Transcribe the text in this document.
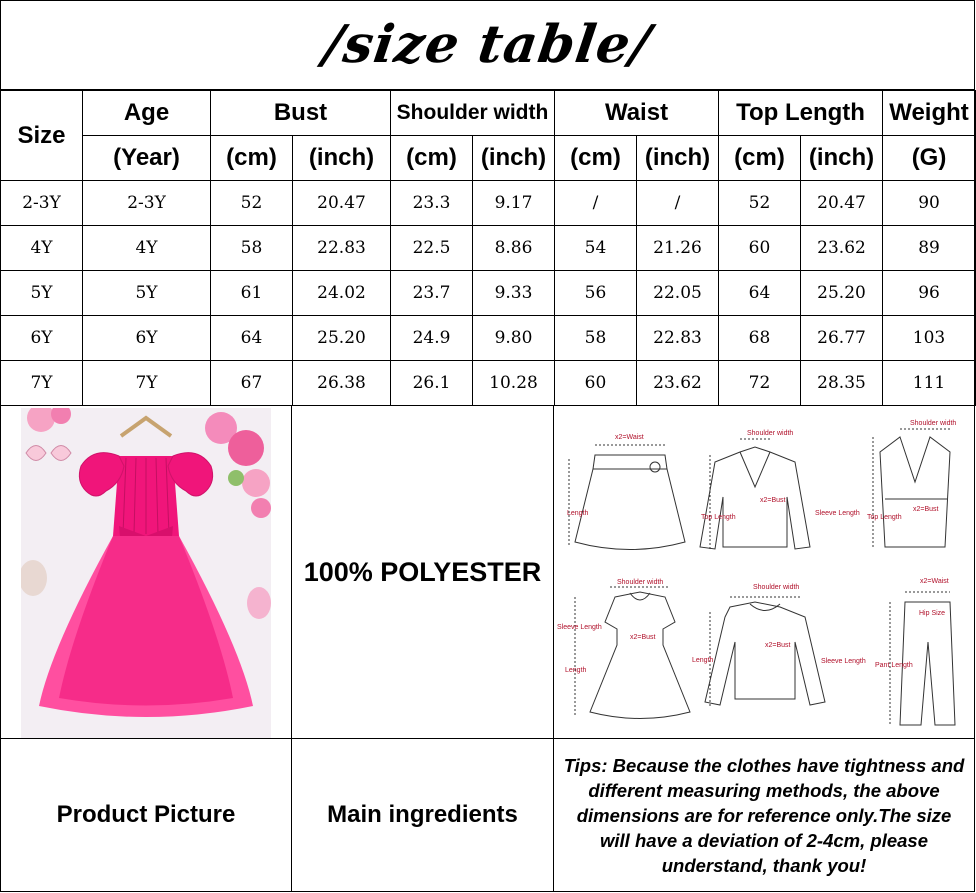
/size table/
Size	Age	Bust		Shoulder width		Waist		Top Length		Weight
	(Year)	(cm)	(inch)	(cm)	(inch)	(cm)	(inch)	(cm)	(inch)	(G)
2-3Y	2-3Y	52	20.47	23.3	9.17	/	/	52	20.47	90
4Y	4Y	58	22.83	22.5	8.86	54	21.26	60	23.62	89
5Y	5Y	61	24.02	23.7	9.33	56	22.05	64	25.20	96
6Y	6Y	64	25.20	24.9	9.80	58	22.83	68	26.77	103
7Y	7Y	67	26.38	26.1	10.28	60	23.62	72	28.35	111
100% POLYESTER
x2=Waist
Length
Shoulder width
x2=Bust
Top Length
Sleeve Length
Shoulder width
x2=Bust
Top Length
Shoulder width
Sleeve Length
x2=Bust
Length
Shoulder width
x2=Bust
Length	Sleeve Length
x2=Waist
Hip Size
Pant Length
Product Picture	Main ingredients
Tips: Because the clothes have tightness and different measuring methods, the above dimensions are for reference only.The size will have a deviation of 2-4cm, please understand, thank you!
